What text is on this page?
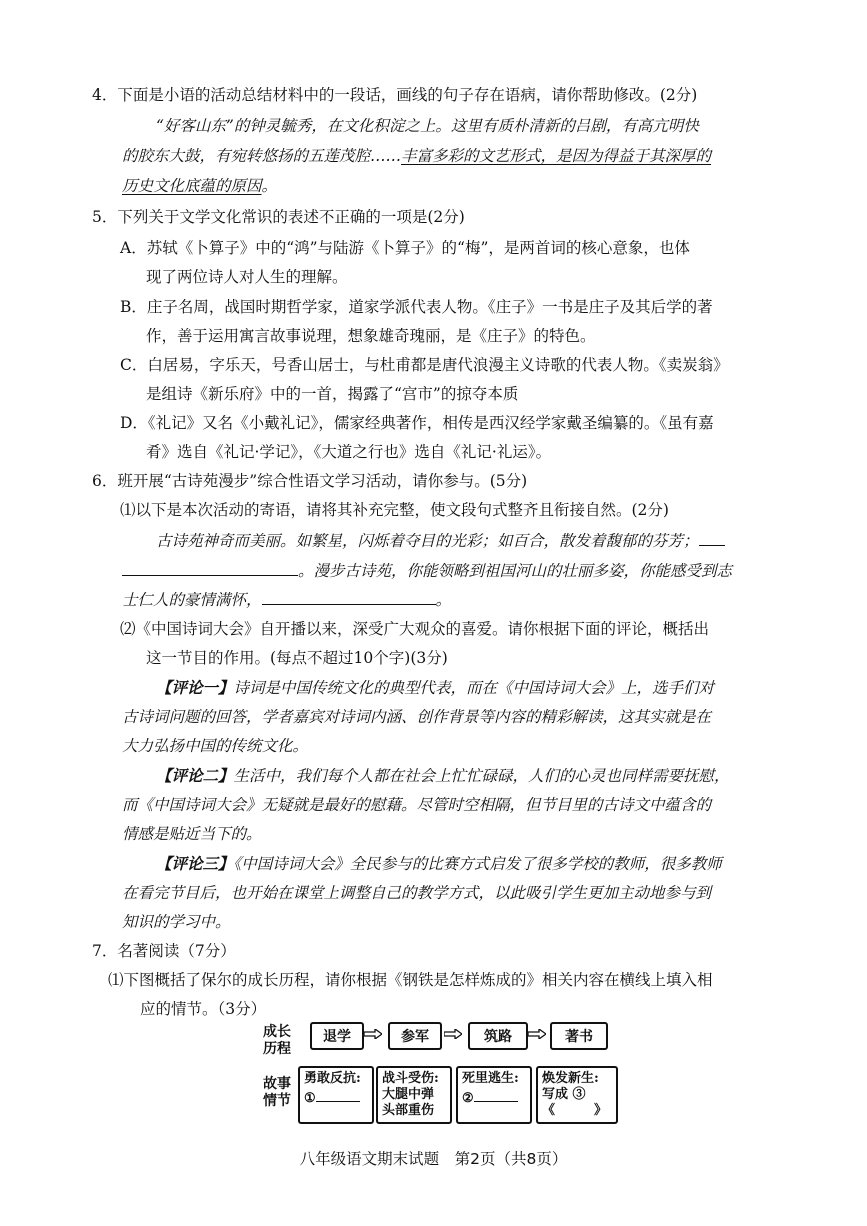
4．下面是小语的活动总结材料中的一段话，画线的句子存在语病，请你帮助修改。(2分)
“好客山东”的钟灵毓秀，在文化积淀之上。这里有质朴清新的吕剧，有高亢明快
的胶东大鼓，有宛转悠扬的五莲茂腔……丰富多彩的文艺形式，是因为得益于其深厚的
历史文化底蕴的原因。
5．下列关于文学文化常识的表述不正确的一项是(2分)
A．苏轼《卜算子》中的“鸿”与陆游《卜算子》的“梅”，是两首词的核心意象，也体
现了两位诗人对人生的理解。
B．庄子名周，战国时期哲学家，道家学派代表人物。《庄子》一书是庄子及其后学的著
作，善于运用寓言故事说理，想象雄奇瑰丽，是《庄子》的特色。
C．白居易，字乐天，号香山居士，与杜甫都是唐代浪漫主义诗歌的代表人物。《卖炭翁》
是组诗《新乐府》中的一首，揭露了“宫市”的掠夺本质
D．《礼记》又名《小戴礼记》，儒家经典著作，相传是西汉经学家戴圣编纂的。《虽有嘉
肴》选自《礼记·学记》，《大道之行也》选自《礼记·礼运》。
6．班开展“古诗苑漫步”综合性语文学习活动，请你参与。(5分)
⑴以下是本次活动的寄语，请将其补充完整，使文段句式整齐且衔接自然。(2分)
古诗苑神奇而美丽。如繁星，闪烁着夺目的光彩；如百合，散发着馥郁的芬芳；
。漫步古诗苑，你能领略到祖国河山的壮丽多姿，你能感受到志
士仁人的豪情满怀，	。
⑵《中国诗词大会》自开播以来，深受广大观众的喜爱。请你根据下面的评论，概括出
这一节目的作用。(每点不超过10个字)(3分)
【评论一】诗词是中国传统文化的典型代表，而在《中国诗词大会》上，选手们对
古诗词问题的回答，学者嘉宾对诗词内涵、创作背景等内容的精彩解读，这其实就是在
大力弘扬中国的传统文化。
【评论二】生活中，我们每个人都在社会上忙忙碌碌，人们的心灵也同样需要抚慰，
而《中国诗词大会》无疑就是最好的慰藉。尽管时空相隔，但节目里的古诗文中蕴含的
情感是贴近当下的。
【评论三】《中国诗词大会》全民参与的比赛方式启发了很多学校的教师，很多教师
在看完节目后，也开始在课堂上调整自己的教学方式，以此吸引学生更加主动地参与到
知识的学习中。
7．名著阅读（7分）
⑴下图概括了保尔的成长历程，请你根据《钢铁是怎样炼成的》相关内容在横线上填入相
应的情节。（3分）
成长历程
故事情节
退学	参军	筑路	著书
勇敢反抗:
①
战斗受伤:
大腿中弹
头部重伤
死里逃生:
②
焕发新生:
写成 ③
《　　　》
八年级语文期末试题　第2页（共8页）
